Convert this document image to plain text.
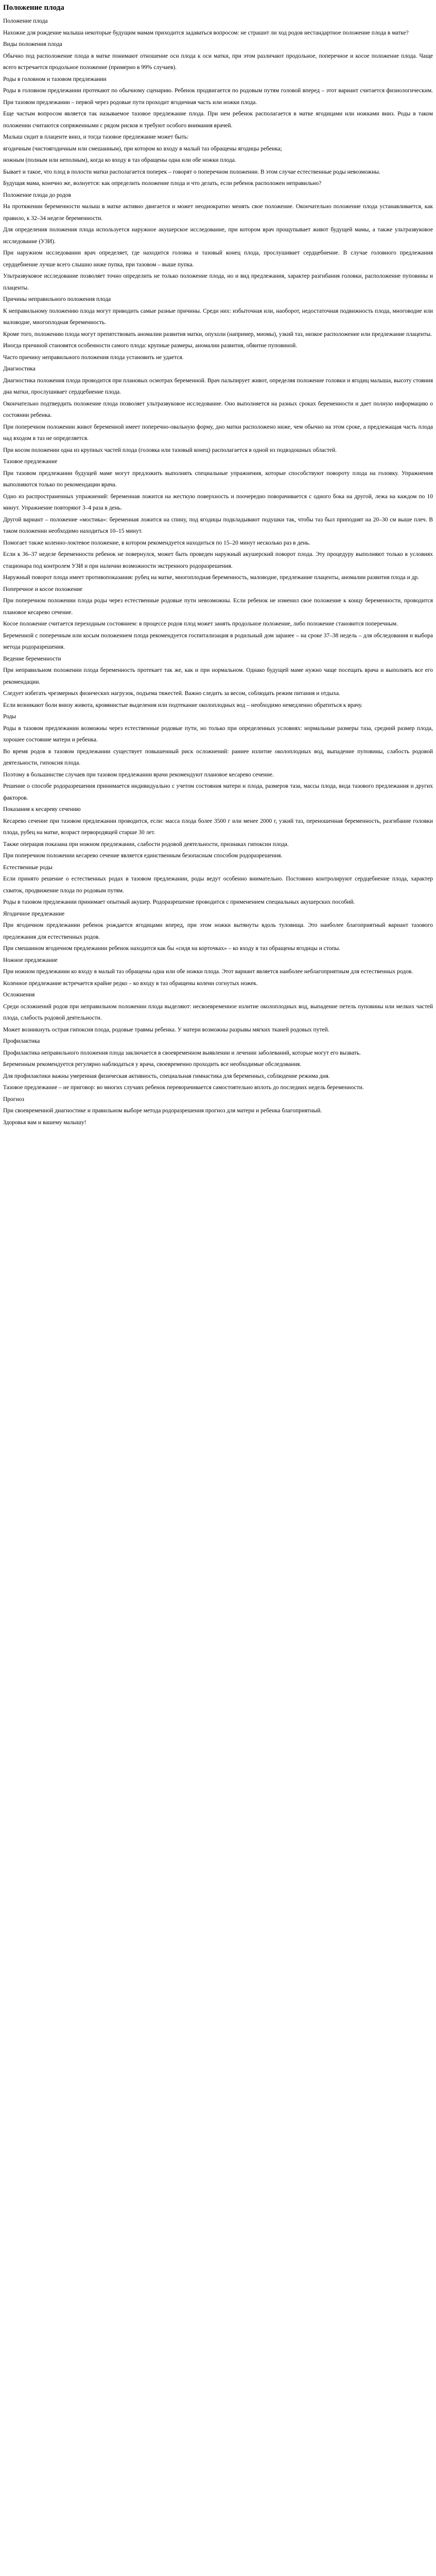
Положение плода

Положение плода

Нахожне для рождение малыша некоторые будущим мамам приходится задаваться вопросом: не страшит ли ход родов нестандартное положение плода в матке?

Виды положения плода

Обычно под расположение плода в матке понимают отношение оси плода к оси матки, при этом различают продольное, поперечное и косое положение плода. Чаще всего встречается продольное положение (примерно в 99% случаев).

Роды в головном и тазовом предлежании

Роды в головном предлежании протекают по обычному сценарию. Ребенок продвигается по родовым путям головой вперед – этот вариант считается физиологическим. При тазовом предлежании – первой через родовые пути проходит ягодичная часть или ножки плода.

Еще частым вопросом является так называемое тазовое предлежание плода. При нем ребенок располагается в матке ягодицами или ножками вниз. Роды в таком положении считаются сопряженными с рядом рисков и требуют особого внимания врачей.

Малыш сидит в плаценте вниз, и тогда тазовое предлежание может быть:

ягодичным (чистоягодичным или смешанным), при котором ко входу в малый таз обращены ягодицы ребенка;

ножным (полным или неполным), когда ко входу в таз обращены одна или обе ножки плода.

Бывает и такое, что плод в полости матки располагается поперек – говорят о поперечном положении. В этом случае естественные роды невозможны.

Будущая мама, конечно же, волнуется: как определить положение плода и что делать, если ребенок расположен неправильно?

Положение плода до родов

На протяжении беременности малыш в матке активно двигается и может неоднократно менять свое положение. Окончательно положение плода устанавливается, как правило, к 32–34 неделе беременности.

Для определения положения плода используется наружное акушерское исследование, при котором врач прощупывает живот будущей мамы, а также ультразвуковое исследование (УЗИ).

При наружном исследовании врач определяет, где находится головка и тазовый конец плода, прослушивает сердцебиение. В случае головного предлежания сердцебиение лучше всего слышно ниже пупка, при тазовом – выше пупка.

Ультразвуковое исследование позволяет точно определить не только положение плода, но и вид предлежания, характер разгибания головки, расположение пуповины и плаценты.

Причины неправильного положения плода

К неправильному положению плода могут приводить самые разные причины. Среди них: избыточная или, наоборот, недостаточная подвижность плода, многоводие или маловодие, многоплодная беременность.

Кроме того, положению плода могут препятствовать аномалии развития матки, опухоли (например, миомы), узкий таз, низкое расположение или предлежание плаценты.

Иногда причиной становятся особенности самого плода: крупные размеры, аномалии развития, обвитие пуповиной.

Часто причину неправильного положения плода установить не удается.

Диагностика

Диагностика положения плода проводится при плановых осмотрах беременной. Врач пальпирует живот, определяя положение головки и ягодиц малыша, высоту стояния дна матки, прослушивает сердцебиение плода.

Окончательно подтвердить положение плода позволяет ультразвуковое исследование. Оно выполняется на разных сроках беременности и дает полную информацию о состоянии ребенка.

При поперечном положении живот беременной имеет поперечно-овальную форму, дно матки расположено ниже, чем обычно на этом сроке, а предлежащая часть плода над входом в таз не определяется.

При косом положении одна из крупных частей плода (головка или тазовый конец) располагается в одной из подвздошных областей.

Тазовое предлежание

При тазовом предлежании будущей маме могут предложить выполнять специальные упражнения, которые способствуют повороту плода на головку. Упражнения выполняются только по рекомендации врача.

Одно из распространенных упражнений: беременная ложится на жесткую поверхность и поочередно поворачивается с одного бока на другой, лежа на каждом по 10 минут. Упражнение повторяют 3–4 раза в день.

Другой вариант – положение «мостика»: беременная ложится на спину, под ягодицы подкладывают подушки так, чтобы таз был приподнят на 20–30 см выше плеч. В таком положении необходимо находиться 10–15 минут.

Помогает также коленно-локтевое положение, в котором рекомендуется находиться по 15–20 минут несколько раз в день.

Если к 36–37 неделе беременности ребенок не повернулся, может быть проведен наружный акушерский поворот плода. Эту процедуру выполняют только в условиях стационара под контролем УЗИ и при наличии возможности экстренного родоразрешения.

Наружный поворот плода имеет противопоказания: рубец на матке, многоплодная беременность, маловодие, предлежание плаценты, аномалии развития плода и др.

Поперечное и косое положение

При поперечном положении плода роды через естественные родовые пути невозможны. Если ребенок не изменил свое положение к концу беременности, проводится плановое кесарево сечение.

Косое положение считается переходным состоянием: в процессе родов плод может занять продольное положение, либо положение становится поперечным.

Беременной с поперечным или косым положением плода рекомендуется госпитализация в родильный дом заранее – на сроке 37–38 недель – для обследования и выбора метода родоразрешения.

Ведение беременности

При неправильном положении плода беременность протекает так же, как и при нормальном. Однако будущей маме нужно чаще посещать врача и выполнять все его рекомендации.

Следует избегать чрезмерных физических нагрузок, подъема тяжестей. Важно следить за весом, соблюдать режим питания и отдыха.

Если возникают боли внизу живота, кровянистые выделения или подтекание околоплодных вод – необходимо немедленно обратиться к врачу.

Роды

Роды в тазовом предлежании возможны через естественные родовые пути, но только при определенных условиях: нормальные размеры таза, средний размер плода, хорошее состояние матери и ребенка.

Во время родов в тазовом предлежании существует повышенный риск осложнений: раннее излитие околоплодных вод, выпадение пуповины, слабость родовой деятельности, гипоксия плода.

Поэтому в большинстве случаев при тазовом предлежании врачи рекомендуют плановое кесарево сечение.

Решение о способе родоразрешения принимается индивидуально с учетом состояния матери и плода, размеров таза, массы плода, вида тазового предлежания и других факторов.

Показания к кесареву сечению

Кесарево сечение при тазовом предлежании проводится, если: масса плода более 3500 г или менее 2000 г, узкий таз, переношенная беременность, разгибание головки плода, рубец на матке, возраст первородящей старше 30 лет.

Также операция показана при ножном предлежании, слабости родовой деятельности, признаках гипоксии плода.

При поперечном положении кесарево сечение является единственным безопасным способом родоразрешения.

Естественные роды

Если принято решение о естественных родах в тазовом предлежании, роды ведут особенно внимательно. Постоянно контролируют сердцебиение плода, характер схваток, продвижение плода по родовым путям.

Роды в тазовом предлежании принимает опытный акушер. Родоразрешение проводится с применением специальных акушерских пособий.

Ягодичное предлежание

При ягодичном предлежании ребенок рождается ягодицами вперед, при этом ножки вытянуты вдоль туловища. Это наиболее благоприятный вариант тазового предлежания для естественных родов.

При смешанном ягодичном предлежании ребенок находится как бы «сидя на корточках» – ко входу в таз обращены ягодицы и стопы.

Ножное предлежание

При ножном предлежании ко входу в малый таз обращены одна или обе ножки плода. Этот вариант является наиболее неблагоприятным для естественных родов.

Коленное предлежание встречается крайне редко – ко входу в таз обращены колени согнутых ножек.

Осложнения

Среди осложнений родов при неправильном положении плода выделяют: несвоевременное излитие околоплодных вод, выпадение петель пуповины или мелких частей плода, слабость родовой деятельности.

Может возникнуть острая гипоксия плода, родовые травмы ребенка. У матери возможны разрывы мягких тканей родовых путей.

Профилактика

Профилактика неправильного положения плода заключается в своевременном выявлении и лечении заболеваний, которые могут его вызвать.

Беременным рекомендуется регулярно наблюдаться у врача, своевременно проходить все необходимые обследования.

Для профилактики важны умеренная физическая активность, специальная гимнастика для беременных, соблюдение режима дня.

Тазовое предлежание – не приговор: во многих случаях ребенок переворачивается самостоятельно вплоть до последних недель беременности.

Прогноз

При своевременной диагностике и правильном выборе метода родоразрешения прогноз для матери и ребенка благоприятный.

Здоровья вам и вашему малышу!
